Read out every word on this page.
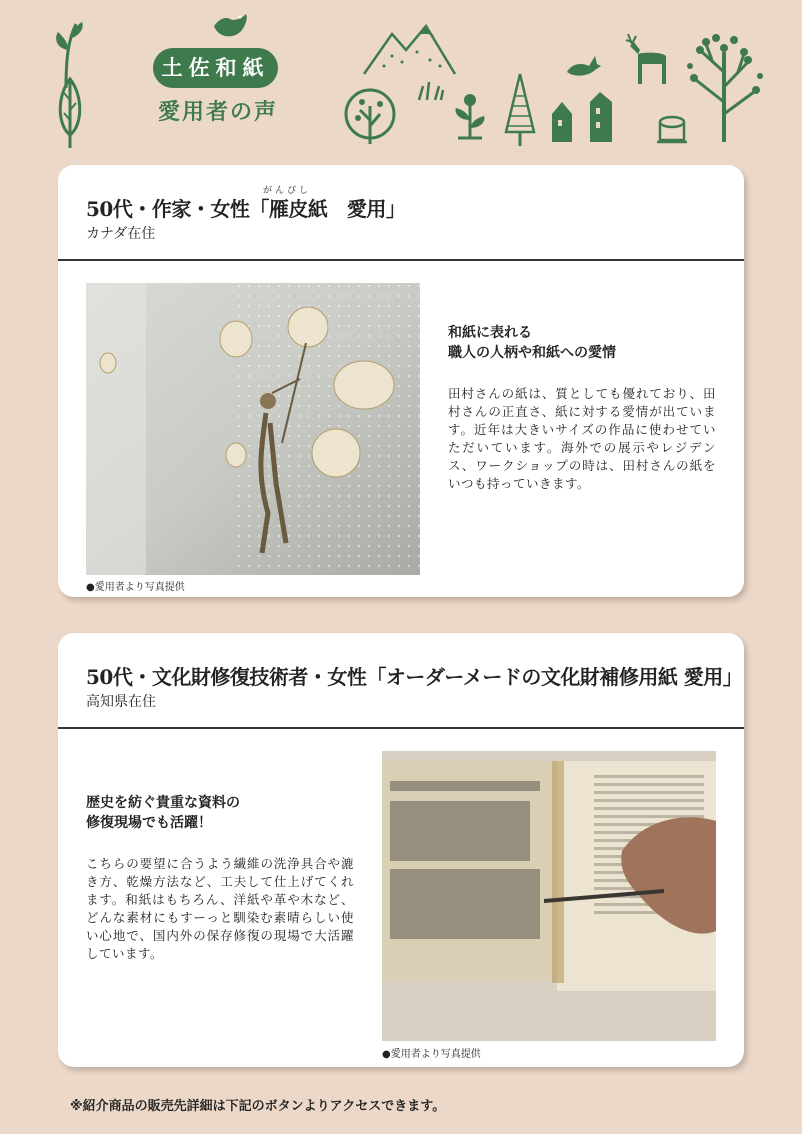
土佐和紙
愛用者の声
がんぴし
50代・作家・女性「雁皮紙　愛用」
カナダ在住
●愛用者より写真提供
和紙に表れる
職人の人柄や和紙への愛情
田村さんの紙は、質としても優れており、田村さんの正直さ、紙に対する愛情が出ています。近年は大きいサイズの作品に使わせていただいています。海外での展示やレジデンス、ワークショップの時は、田村さんの紙をいつも持っていきます。
50代・文化財修復技術者・女性「オーダーメードの文化財補修用紙 愛用」
高知県在住
歴史を紡ぐ貴重な資料の
修復現場でも活躍！
こちらの要望に合うよう繊維の洗浄具合や漉き方、乾燥方法など、工夫して仕上げてくれます。和紙はもちろん、洋紙や革や木など、どんな素材にもすーっと馴染む素晴らしい使い心地で、国内外の保存修復の現場で大活躍しています。
●愛用者より写真提供
※紹介商品の販売先詳細は下記のボタンよりアクセスできます。
